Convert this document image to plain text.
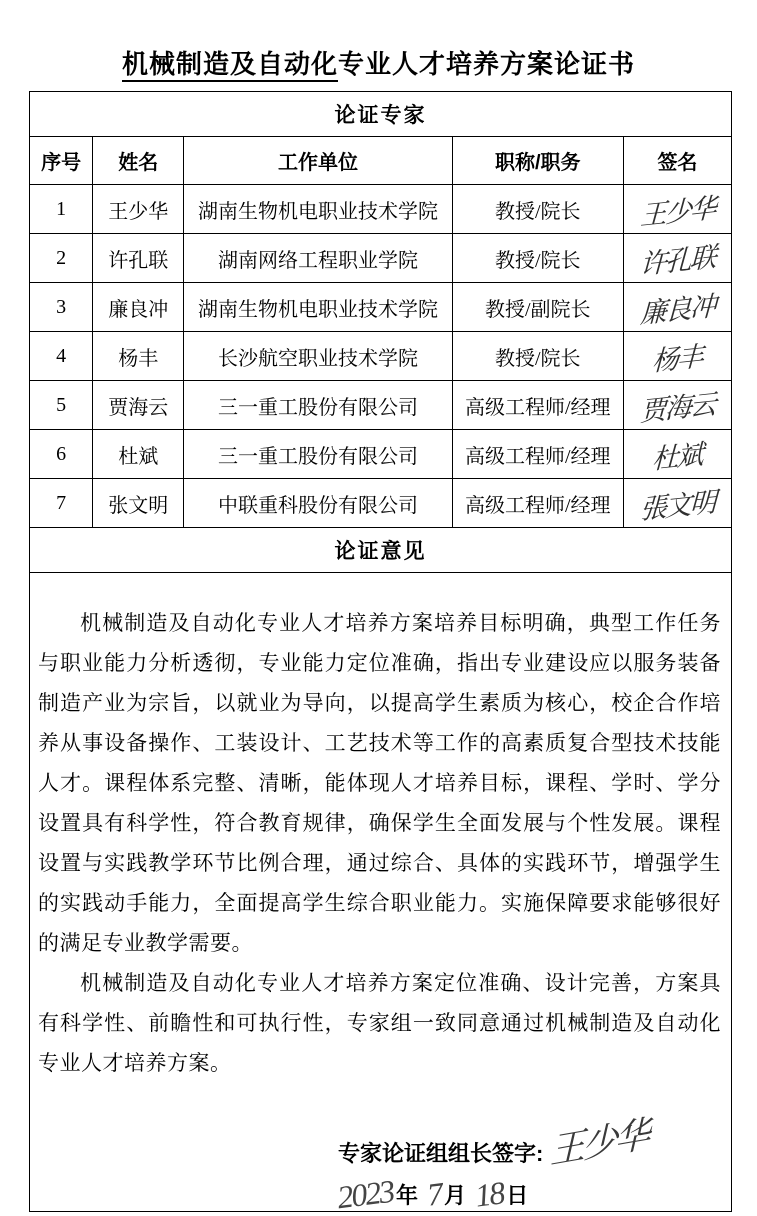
机械制造及自动化专业人才培养方案论证书
论证专家				
序号	姓名	工作单位	职称/职务	签名
1	王少华	湖南生物机电职业技术学院	教授/院长	王少华
2	许孔联	湖南网络工程职业学院	教授/院长	许孔联
3	廉良冲	湖南生物机电职业技术学院	教授/副院长	廉良冲
4	杨丰	长沙航空职业技术学院	教授/院长	杨丰
5	贾海云	三一重工股份有限公司	高级工程师/经理	贾海云
6	杜斌	三一重工股份有限公司	高级工程师/经理	杜斌
7	张文明	中联重科股份有限公司	高级工程师/经理	張文明
论证意见				

机械制造及自动化专业人才培养方案培养目标明确，典型工作任务与职业能力分析透彻，专业能力定位准确，指出专业建设应以服务装备制造产业为宗旨，以就业为导向，以提高学生素质为核心，校企合作培养从事设备操作、工装设计、工艺技术等工作的高素质复合型技术技能人才。课程体系完整、清晰，能体现人才培养目标，课程、学时、学分设置具有科学性，符合教育规律，确保学生全面发展与个性发展。课程设置与实践教学环节比例合理，通过综合、具体的实践环节，增强学生的实践动手能力，全面提高学生综合职业能力。实施保障要求能够很好的满足专业教学需要。

机械制造及自动化专业人才培养方案定位准确、设计完善，方案具有科学性、前瞻性和可执行性，专家组一致同意通过机械制造及自动化专业人才培养方案。

专家论证组组长签字: 王少华
2023年 7月 18日				
